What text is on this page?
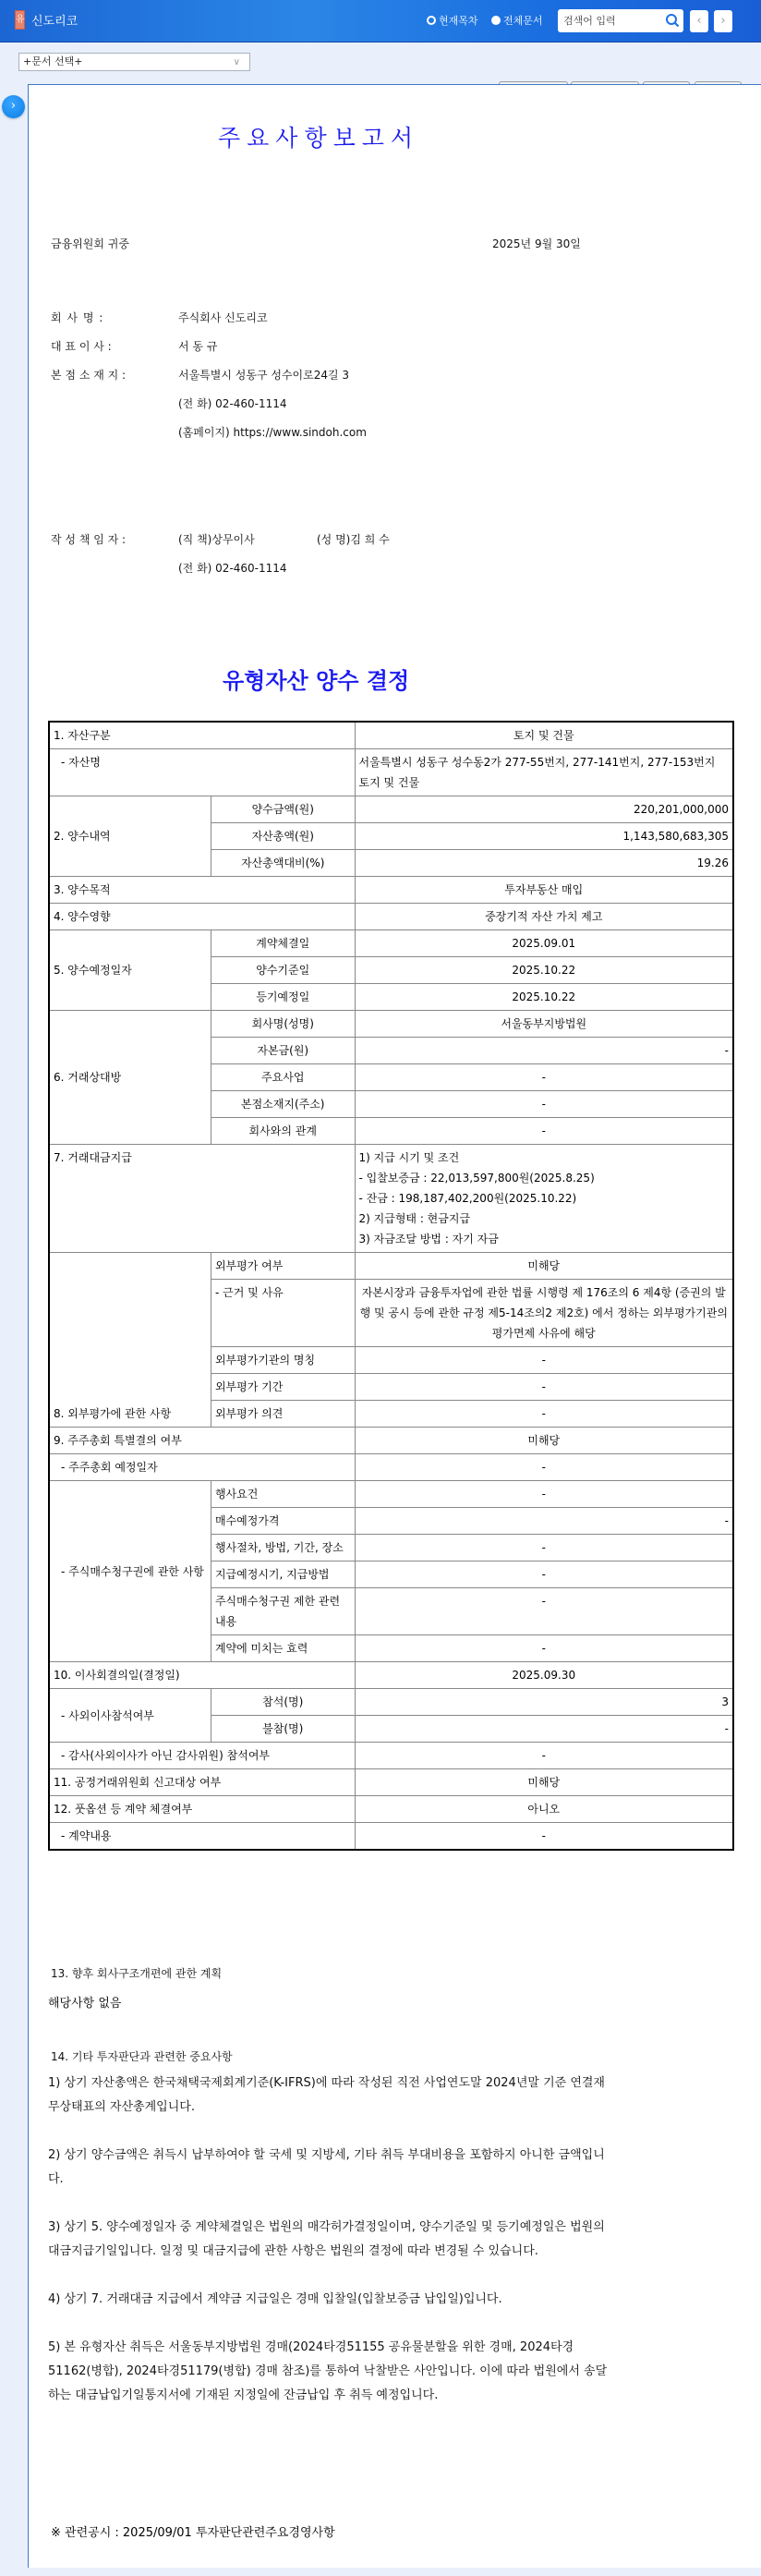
유 신도리코	현재목차 전체문서
검색어 입력	‹	›
+문서 선택+	∨
›
주요사항보고서
금융위원회 귀중	2025년 9월 30일
회 사 명 :	주식회사 신도리코
대 표 이 사 :	서 동 규
본 점 소 재 지 :	서울특별시 성동구 성수이로24길 3
(전 화) 02-460-1114
(홈페이지) https://www.sindoh.com
작 성 책 임 자 :	(직 책)상무이사	(성 명)김 희 수
(전 화) 02-460-1114
유형자산 양수 결정
1. 자산구분		토지 및 건물
- 자산명		서울특별시 성동구 성수동2가 277-55번지, 277-141번지, 277-153번지 토지 및 건물
2. 양수내역	양수금액(원)	220,201,000,000
	자산총액(원)	1,143,580,683,305
	자산총액대비(%)	19.26
3. 양수목적		투자부동산 매입
4. 양수영향		중장기적 자산 가치 제고
5. 양수예정일자	계약체결일	2025.09.01
	양수기준일	2025.10.22
	등기예정일	2025.10.22
6. 거래상대방	회사명(성명)	서울동부지방법원
	자본금(원)	-
	주요사업	-
	본점소재지(주소)	-
	회사와의 관계	-
7. 거래대금지급		1) 지급 시기 및 조건
- 입찰보증금 : 22,013,597,800원(2025.8.25)
- 잔금 : 198,187,402,200원(2025.10.22)
2) 지급형태 : 현금지급
3) 자금조달 방법 : 자기 자금

8. 외부평가에 관한 사항	외부평가 여부	미해당
	- 근거 및 사유	자본시장과 금융투자업에 관한 법률 시행령 제 176조의 6 제4항 (증권의 발행 및 공시 등에 관한 규정 제5-14조의2 제2호) 에서 정하는 외부평가기관의 평가면제 사유에 해당
	외부평가기관의 명칭	-
	외부평가 기간	-
	외부평가 의견	-
9. 주주총회 특별결의 여부		미해당
- 주주총회 예정일자		-
- 주식매수청구권에 관한 사항	행사요건	-
	매수예정가격	-
	행사절차, 방법, 기간, 장소	-
	지급예정시기, 지급방법	-
	주식매수청구권 제한 관련 내용	-
	계약에 미치는 효력	-
10. 이사회결의일(결정일)		2025.09.30
- 사외이사참석여부	참석(명)	3
	불참(명)	-
- 감사(사외이사가 아닌 감사위원) 참석여부		-
11. 공정거래위원회 신고대상 여부		미해당
12. 풋옵션 등 계약 체결여부		아니오
- 계약내용		-
13. 향후 회사구조개편에 관한 계획
해당사항 없음
14. 기타 투자판단과 관련한 중요사항

1) 상기 자산총액은 한국채택국제회계기준(K-IFRS)에 따라 작성된 직전 사업연도말 2024년말 기준 연결재무상태표의 자산총계입니다.

2) 상기 양수금액은 취득시 납부하여야 할 국세 및 지방세, 기타 취득 부대비용을 포함하지 아니한 금액입니다.

3) 상기 5. 양수예정일자 중 계약체결일은 법원의 매각허가결정일이며, 양수기준일 및 등기예정일은 법원의 대금지급기일입니다. 일정 및 대금지급에 관한 사항은 법원의 결정에 따라 변경될 수 있습니다.

4) 상기 7. 거래대금 지급에서 계약금 지급일은 경매 입찰일(입찰보증금 납입일)입니다.

5) 본 유형자산 취득은 서울동부지방법원 경매(2024타경51155 공유물분할을 위한 경매, 2024타경51162(병합), 2024타경51179(병합) 경매 참조)를 통하여 낙찰받은 사안입니다. 이에 따라 법원에서 송달하는 대금납입기일통지서에 기재된 지정일에 잔금납입 후 취득 예정입니다.

※ 관련공시 : 2025/09/01 투자판단관련주요경영사항
